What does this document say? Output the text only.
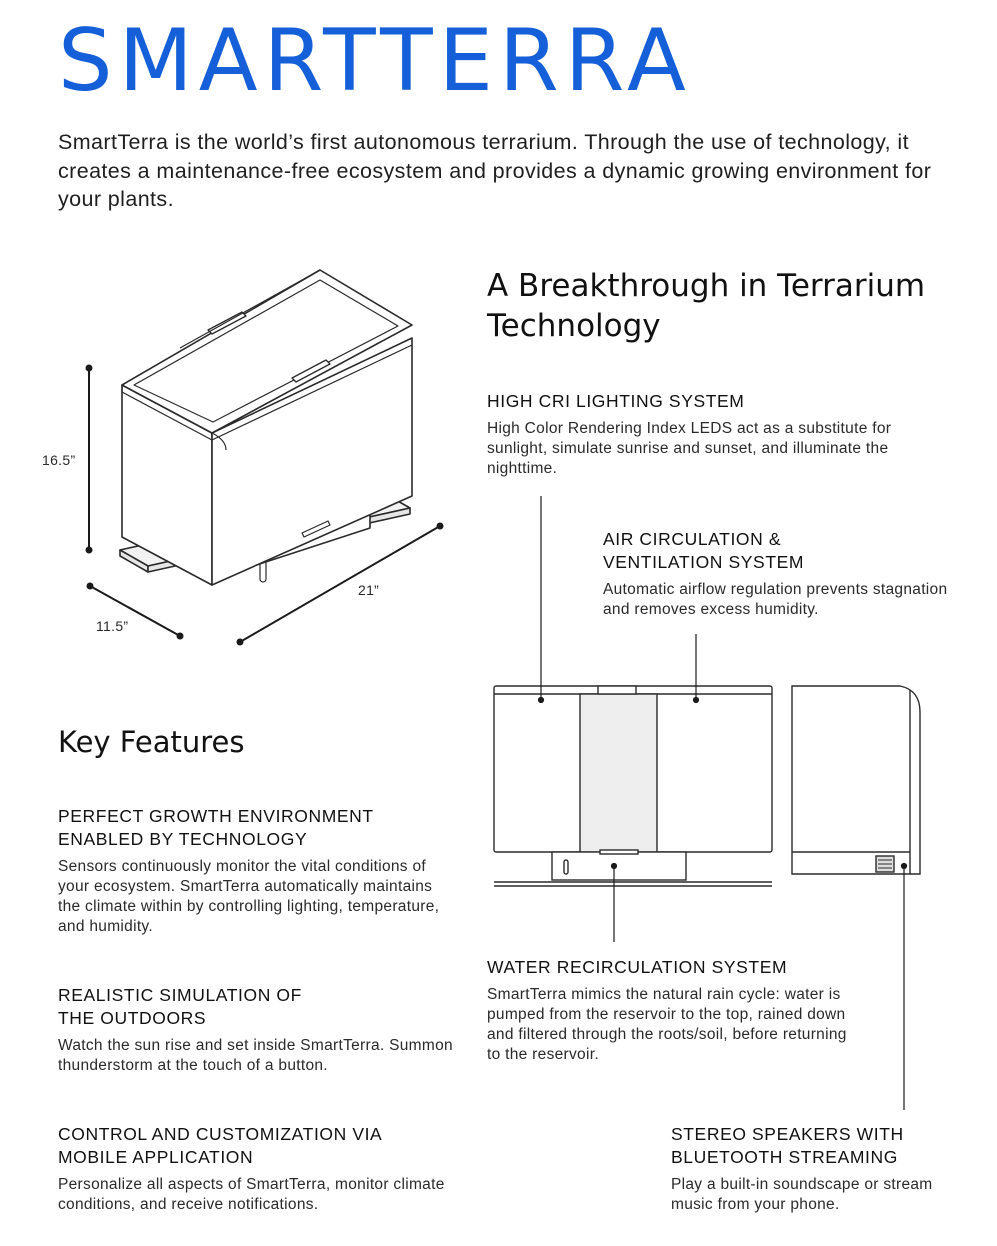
SMARTTERRA

SmartTerra is the world’s first autonomous terrarium. Through the use of technology, it creates a maintenance-free ecosystem and provides a dynamic growing environment for your plants.

16.5”
21”
11.5”
A Breakthrough in Terrarium Technology
HIGH CRI LIGHTING SYSTEM

High Color Rendering Index LEDS act as a substitute for sunlight, simulate sunrise and sunset, and illuminate the nighttime.

AIR CIRCULATION & VENTILATION SYSTEM

Automatic airflow regulation prevents stagnation and removes excess humidity.

WATER RECIRCULATION SYSTEM

SmartTerra mimics the natural rain cycle: water is pumped from the reservoir to the top, rained down and filtered through the roots/soil, before returning to the reservoir.

STEREO SPEAKERS WITH BLUETOOTH STREAMING

Play a built-in soundscape or stream music from your phone.

Key Features
PERFECT GROWTH ENVIRONMENT ENABLED BY TECHNOLOGY

Sensors continuously monitor the vital conditions of your ecosystem. SmartTerra automatically maintains the climate within by controlling lighting, temperature, and humidity.

REALISTIC SIMULATION OF THE OUTDOORS

Watch the sun rise and set inside SmartTerra. Summon thunderstorm at the touch of a button.

CONTROL AND CUSTOMIZATION VIA MOBILE APPLICATION

Personalize all aspects of SmartTerra, monitor climate conditions, and receive notifications.
